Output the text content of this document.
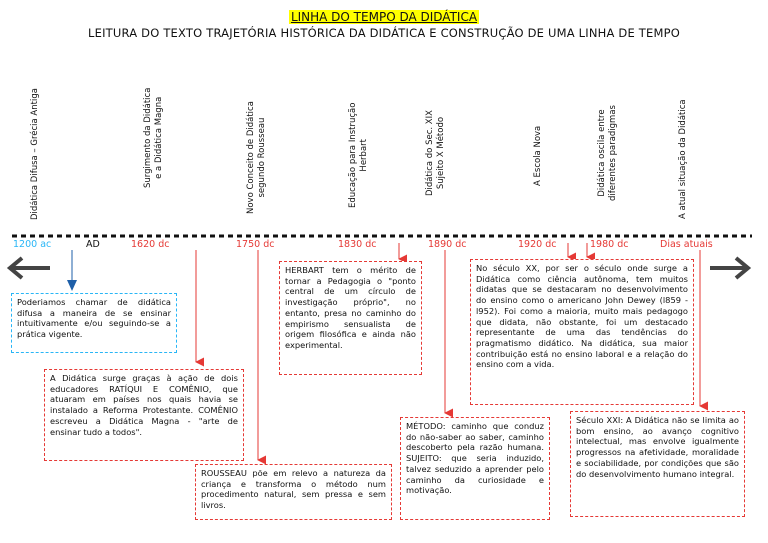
LINHA DO TEMPO DA DIDÁTICA
LEITURA DO TEXTO TRAJETÓRIA HISTÓRICA DA DIDÁTICA E CONSTRUÇÃO DE UMA LINHA DE TEMPO
Didática Difusa – Grécia Antiga	Surgimento da Didática
e a Didática Magna
Novo Conceito de Didática
segundo Rousseau
Educação para Instrução
Herbart
Didática do Sec. XIX
Sujeito X Método	A Escola Nova	Didática oscila entre
diferentes paradigmas	A atual situação da Didática
1200 ac	AD	1620 dc	1750 dc	1830 dc	1890 dc	1920 dc	1980 dc	Dias atuais
Poderiamos chamar de didática difusa a maneira de se ensinar intuitivamente e/ou seguindo-se a prática vigente.
A Didática surge graças à ação de dois educadores RATÍQUI E COMÊNIO, que atuaram em países nos quais havia se instalado a Reforma Protestante. COMÊNIO escreveu a Didática Magna - "arte de ensinar tudo a todos".
ROUSSEAU põe em relevo a natureza da criança e transforma o método num procedimento natural, sem pressa e sem livros.
HERBART tem o mérito de tornar a Pedagogia o "ponto central de um círculo de investigação próprio", no entanto, presa no caminho do empirismo sensualista de origem filosófica e ainda não experimental.
MÉTODO: caminho que conduz do não-saber ao saber, caminho descoberto pela razão humana. SUJEITO: que seria induzido, talvez seduzido a aprender pelo caminho da curiosidade e motivação.
No século XX, por ser o século onde surge a Didática como ciência autônoma, tem muitos didatas que se destacaram no desenvolvimento do ensino como o americano John Dewey (l859 - l952). Foi como a maioria, muito mais pedagogo que didata, não obstante, foi um destacado representante de uma das tendências do pragmatismo didático. Na didática, sua maior contribuição está no ensino laboral e a relação do ensino com a vida.
Século XXI: A Didática não se limita ao bom ensino, ao avanço cognitivo intelectual, mas envolve igualmente progressos na afetividade, moralidade e sociabilidade, por condições que são do desenvolvimento humano integral.
